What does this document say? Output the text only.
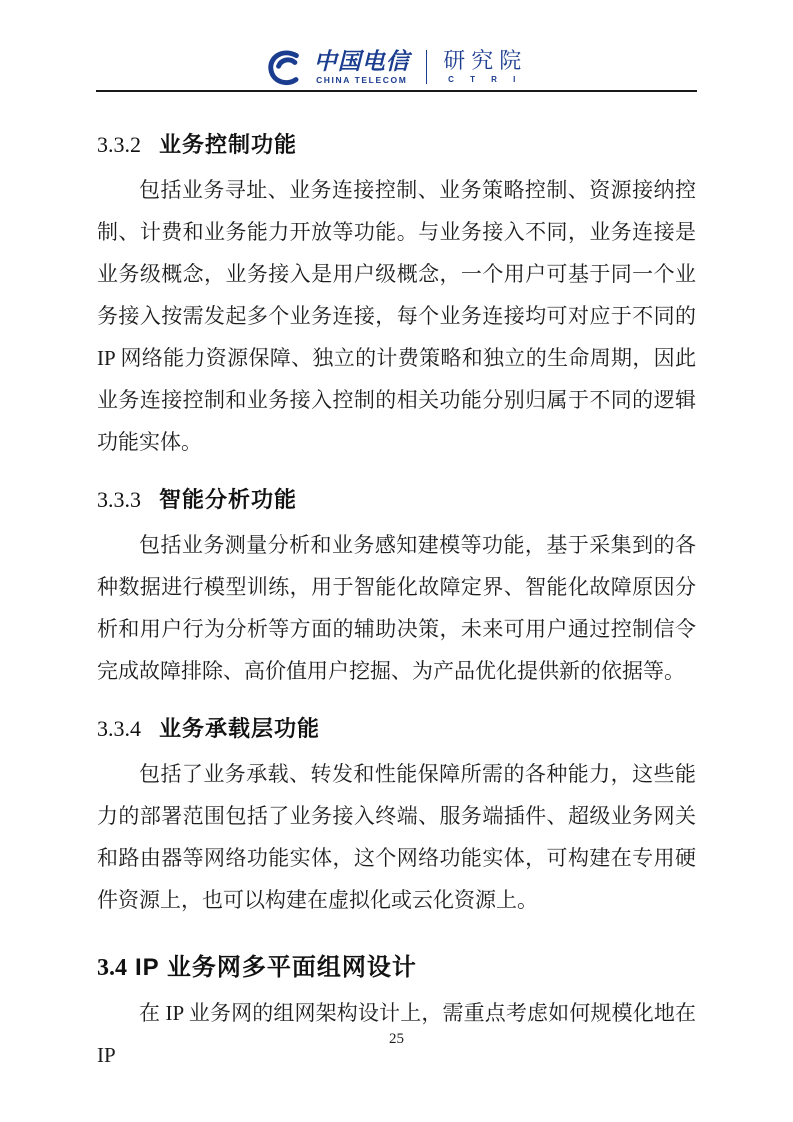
中国电信
CHINA TELECOM
研究院
C T R I
3.3.2 业务控制功能

包括业务寻址、业务连接控制、业务策略控制、资源接纳控制、计费和业务能力开放等功能。与业务接入不同，业务连接是业务级概念，业务接入是用户级概念，一个用户可基于同一个业务接入按需发起多个业务连接，每个业务连接均可对应于不同的 IP 网络能力资源保障、独立的计费策略和独立的生命周期，因此业务连接控制和业务接入控制的相关功能分别归属于不同的逻辑功能实体。

3.3.3 智能分析功能

包括业务测量分析和业务感知建模等功能，基于采集到的各种数据进行模型训练，用于智能化故障定界、智能化故障原因分析和用户行为分析等方面的辅助决策，未来可用户通过控制信令完成故障排除、高价值用户挖掘、为产品优化提供新的依据等。

3.3.4 业务承载层功能

包括了业务承载、转发和性能保障所需的各种能力，这些能力的部署范围包括了业务接入终端、服务端插件、超级业务网关和路由器等网络功能实体，这个网络功能实体，可构建在专用硬件资源上，也可以构建在虚拟化或云化资源上。

3.4 IP 业务网多平面组网设计

在 IP 业务网的组网架构设计上，需重点考虑如何规模化地在 IP

25
